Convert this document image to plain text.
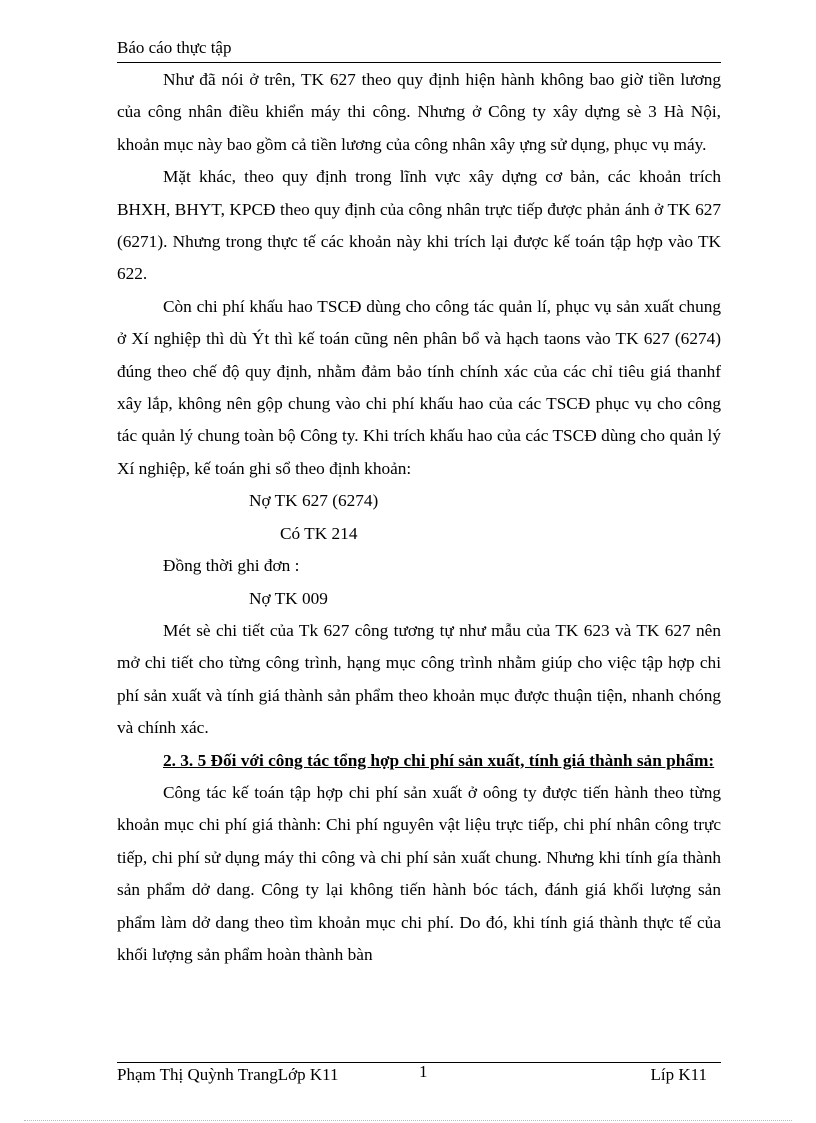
Báo cáo thực tập

Như đã nói ở trên, TK 627 theo quy định hiện hành không bao giờ tiền lương của công nhân điều khiển máy thi công. Nhưng ở Công ty xây dựng sè 3 Hà Nội, khoản mục này bao gồm cả tiền lương của công nhân xây ựng sử dụng, phục vụ máy.

Mặt khác, theo quy định trong lĩnh vực xây dựng cơ bản, các khoản trích BHXH, BHYT, KPCĐ theo quy định của công nhân trực tiếp được phản ánh ở TK 627 (6271). Nhưng trong thực tế các khoản này khi trích lại được kế toán tập hợp vào TK 622.

Còn chi phí khấu hao TSCĐ dùng cho công tác quản lí, phục vụ sản xuất chung ở Xí nghiệp thì dù Ýt thì kế toán cũng nên phân bổ và hạch taons vào TK 627 (6274) đúng theo chế độ quy định, nhằm đảm bảo tính chính xác của các chỉ tiêu giá thanhf xây lắp, không nên gộp chung vào chi phí khấu hao của các TSCĐ phục vụ cho công tác quản lý chung toàn bộ Công ty. Khi trích khấu hao của các TSCĐ dùng cho quản lý Xí nghiệp, kế toán ghi sổ theo định khoản:

Nợ TK 627 (6274)

Có TK 214

Đồng thời ghi đơn :

Nợ TK 009

Mét sè chi tiết của Tk 627 công tương tự như mẫu của TK 623 và TK 627 nên mở chi tiết cho từng công trình, hạng mục công trình nhằm giúp cho việc tập hợp chi phí sản xuất và tính giá thành sản phẩm theo khoản mục được thuận tiện, nhanh chóng và chính xác.

2. 3. 5 Đối với công tác tổng hợp chi phí sản xuất, tính giá thành sản phẩm:

Công tác kế toán tập hợp chi phí sản xuất ở oông ty được tiến hành theo từng khoản mục chi phí giá thành: Chi phí nguyên vật liệu trực tiếp, chi phí nhân công trực tiếp, chi phí sử dụng máy thi công và chi phí sản xuất chung. Nhưng khi tính gía thành sản phẩm dở dang. Công ty lại không tiến hành bóc tách, đánh giá khối lượng sản phẩm làm dở dang theo tìm khoản mục chi phí. Do đó, khi tính giá thành thực tế của khối lượng sản phẩm hoàn thành bàn

Phạm Thị Quỳnh TrangLớp K11	1	Líp K11
